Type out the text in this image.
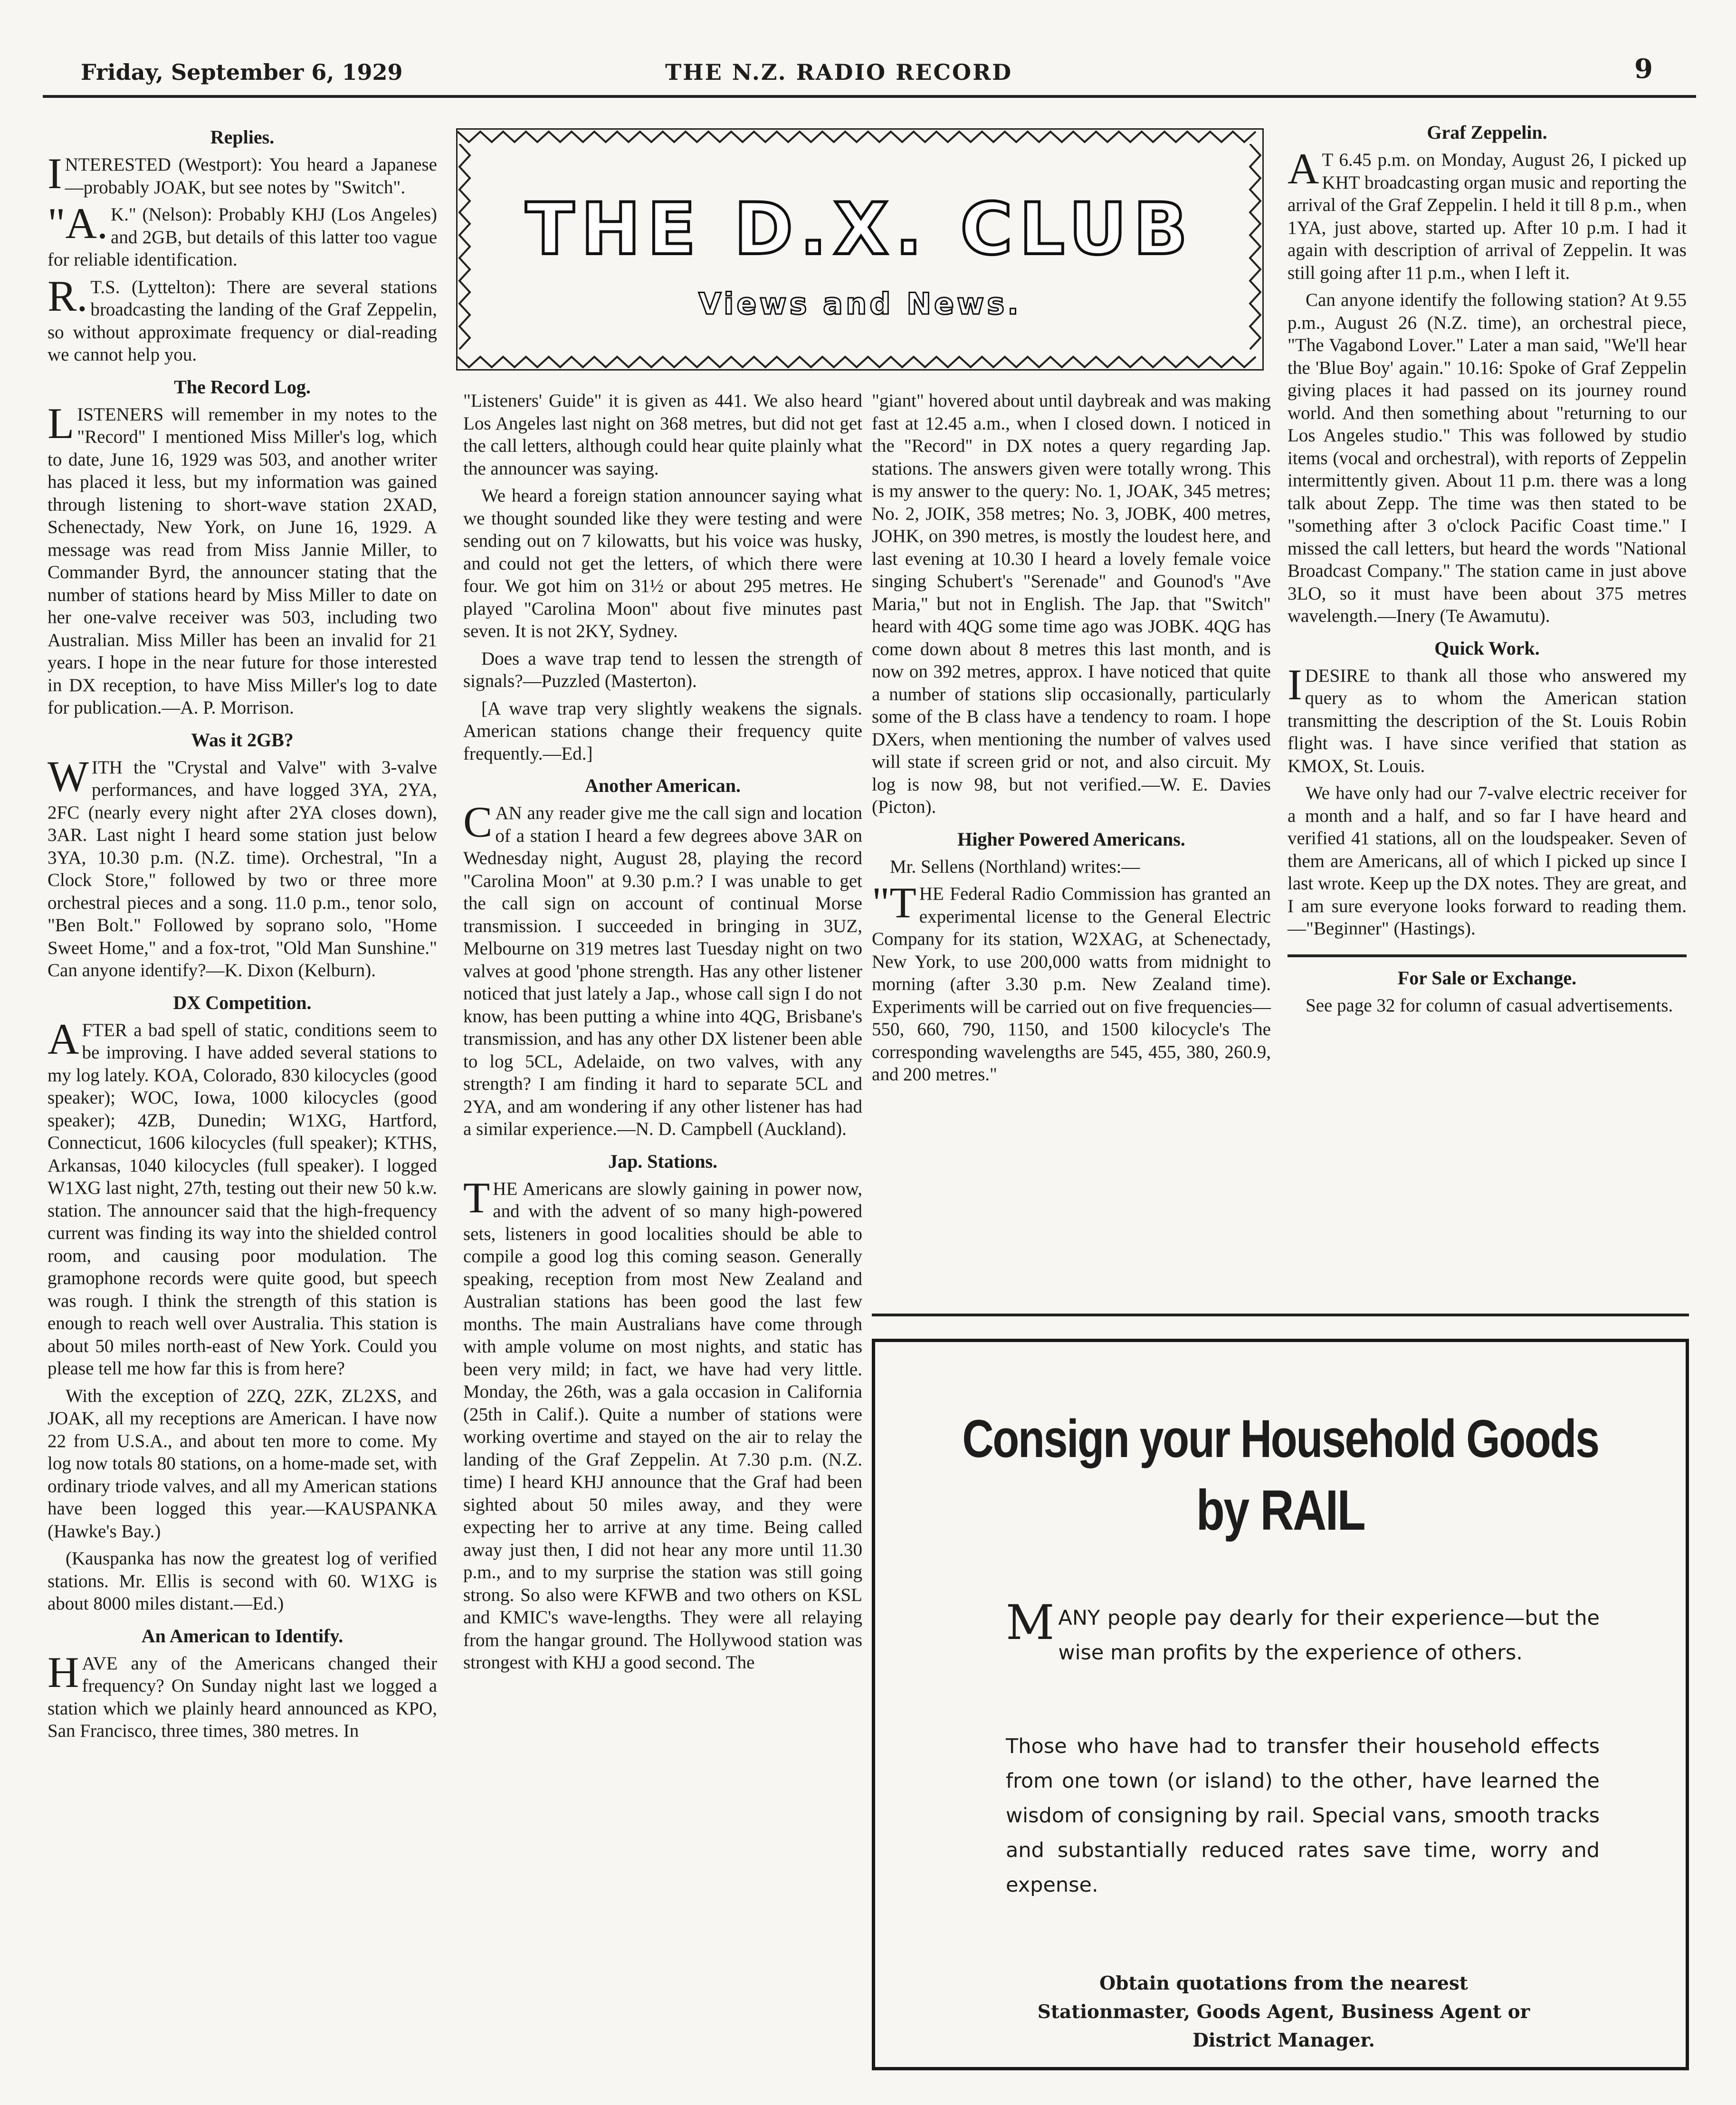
Friday, September 6, 1929	THE N.Z. RADIO RECORD	9
THE D.X. CLUB
Views and News.
Replies.

INTERESTED (Westport): You heard a Japanese—probably JOAK, but see notes by "Switch".

"A. K." (Nelson): Probably KHJ (Los Angeles) and 2GB, but details of this latter too vague for reliable identification.

R. T.S. (Lyttelton): There are several stations broadcasting the landing of the Graf Zeppelin, so without approximate frequency or dial-reading we cannot help you.

The Record Log.

LISTENERS will remember in my notes to the "Record" I mentioned Miss Miller's log, which to date, June 16, 1929 was 503, and another writer has placed it less, but my information was gained through listening to short-wave station 2XAD, Schenectady, New York, on June 16, 1929. A message was read from Miss Jannie Miller, to Commander Byrd, the announcer stating that the number of stations heard by Miss Miller to date on her one-valve receiver was 503, including two Australian. Miss Miller has been an invalid for 21 years. I hope in the near future for those interested in DX reception, to have Miss Miller's log to date for publication.—A. P. Morrison.

Was it 2GB?

WITH the "Crystal and Valve" with 3-valve performances, and have logged 3YA, 2YA, 2FC (nearly every night after 2YA closes down), 3AR. Last night I heard some station just below 3YA, 10.30 p.m. (N.Z. time). Orchestral, "In a Clock Store," followed by two or three more orchestral pieces and a song. 11.0 p.m., tenor solo, "Ben Bolt." Followed by soprano solo, "Home Sweet Home," and a fox-trot, "Old Man Sunshine." Can anyone identify?—K. Dixon (Kelburn).

DX Competition.

AFTER a bad spell of static, conditions seem to be improving. I have added several stations to my log lately. KOA, Colorado, 830 kilocycles (good speaker); WOC, Iowa, 1000 kilocycles (good speaker); 4ZB, Dunedin; W1XG, Hartford, Connecticut, 1606 kilocycles (full speaker); KTHS, Arkansas, 1040 kilocycles (full speaker). I logged W1XG last night, 27th, testing out their new 50 k.w. station. The announcer said that the high-frequency current was finding its way into the shielded control room, and causing poor modulation. The gramophone records were quite good, but speech was rough. I think the strength of this station is enough to reach well over Australia. This station is about 50 miles north-east of New York. Could you please tell me how far this is from here?

With the exception of 2ZQ, 2ZK, ZL2XS, and JOAK, all my receptions are American. I have now 22 from U.S.A., and about ten more to come. My log now totals 80 stations, on a home-made set, with ordinary triode valves, and all my American stations have been logged this year.—KAUSPANKA (Hawke's Bay.)

(Kauspanka has now the greatest log of verified stations. Mr. Ellis is second with 60. W1XG is about 8000 miles distant.—Ed.)

An American to Identify.

HAVE any of the Americans changed their frequency? On Sunday night last we logged a station which we plainly heard announced as KPO, San Francisco, three times, 380 metres. In

"Listeners' Guide" it is given as 441. We also heard Los Angeles last night on 368 metres, but did not get the call letters, although could hear quite plainly what the announcer was saying.

We heard a foreign station announcer saying what we thought sounded like they were testing and were sending out on 7 kilowatts, but his voice was husky, and could not get the letters, of which there were four. We got him on 31½ or about 295 metres. He played "Carolina Moon" about five minutes past seven. It is not 2KY, Sydney.

Does a wave trap tend to lessen the strength of signals?—Puzzled (Masterton).

[A wave trap very slightly weakens the signals. American stations change their frequency quite frequently.—Ed.]

Another American.

CAN any reader give me the call sign and location of a station I heard a few degrees above 3AR on Wednesday night, August 28, playing the record "Carolina Moon" at 9.30 p.m.? I was unable to get the call sign on account of continual Morse transmission. I succeeded in bringing in 3UZ, Melbourne on 319 metres last Tuesday night on two valves at good 'phone strength. Has any other listener noticed that just lately a Jap., whose call sign I do not know, has been putting a whine into 4QG, Brisbane's transmission, and has any other DX listener been able to log 5CL, Adelaide, on two valves, with any strength? I am finding it hard to separate 5CL and 2YA, and am wondering if any other listener has had a similar experience.—N. D. Campbell (Auckland).

Jap. Stations.

THE Americans are slowly gaining in power now, and with the advent of so many high-powered sets, listeners in good localities should be able to compile a good log this coming season. Generally speaking, reception from most New Zealand and Australian stations has been good the last few months. The main Australians have come through with ample volume on most nights, and static has been very mild; in fact, we have had very little. Monday, the 26th, was a gala occasion in California (25th in Calif.). Quite a number of stations were working overtime and stayed on the air to relay the landing of the Graf Zeppelin. At 7.30 p.m. (N.Z. time) I heard KHJ announce that the Graf had been sighted about 50 miles away, and they were expecting her to arrive at any time. Being called away just then, I did not hear any more until 11.30 p.m., and to my surprise the station was still going strong. So also were KFWB and two others on KSL and KMIC's wave-lengths. They were all relaying from the hangar ground. The Hollywood station was strongest with KHJ a good second. The

"giant" hovered about until daybreak and was making fast at 12.45 a.m., when I closed down. I noticed in the "Record" in DX notes a query regarding Jap. stations. The answers given were totally wrong. This is my answer to the query: No. 1, JOAK, 345 metres; No. 2, JOIK, 358 metres; No. 3, JOBK, 400 metres, JOHK, on 390 metres, is mostly the loudest here, and last evening at 10.30 I heard a lovely female voice singing Schubert's "Serenade" and Gounod's "Ave Maria," but not in English. The Jap. that "Switch" heard with 4QG some time ago was JOBK. 4QG has come down about 8 metres this last month, and is now on 392 metres, approx. I have noticed that quite a number of stations slip occasionally, particularly some of the B class have a tendency to roam. I hope DXers, when mentioning the number of valves used will state if screen grid or not, and also circuit. My log is now 98, but not verified.—W. E. Davies (Picton).

Higher Powered Americans.

Mr. Sellens (Northland) writes:—

"THE Federal Radio Commission has granted an experimental license to the General Electric Company for its station, W2XAG, at Schenectady, New York, to use 200,000 watts from midnight to morning (after 3.30 p.m. New Zealand time). Experiments will be carried out on five frequencies—550, 660, 790, 1150, and 1500 kilocycle's The corresponding wavelengths are 545, 455, 380, 260.9, and 200 metres."

Graf Zeppelin.

A T 6.45 p.m. on Monday, August 26, I picked up KHT broadcasting organ music and reporting the arrival of the Graf Zeppelin. I held it till 8 p.m., when 1YA, just above, started up. After 10 p.m. I had it again with description of arrival of Zeppelin. It was still going after 11 p.m., when I left it.

Can anyone identify the following station? At 9.55 p.m., August 26 (N.Z. time), an orchestral piece, "The Vagabond Lover." Later a man said, "We'll hear the 'Blue Boy' again." 10.16: Spoke of Graf Zeppelin giving places it had passed on its journey round world. And then something about "returning to our Los Angeles studio." This was followed by studio items (vocal and orchestral), with reports of Zeppelin intermittently given. About 11 p.m. there was a long talk about Zepp. The time was then stated to be "something after 3 o'clock Pacific Coast time." I missed the call letters, but heard the words "National Broadcast Company." The station came in just above 3LO, so it must have been about 375 metres wavelength.—Inery (Te Awamutu).

Quick Work.

IDESIRE to thank all those who answered my query as to whom the American station transmitting the description of the St. Louis Robin flight was. I have since verified that station as KMOX, St. Louis.

We have only had our 7-valve electric receiver for a month and a half, and so far I have heard and verified 41 stations, all on the loudspeaker. Seven of them are Americans, all of which I picked up since I last wrote. Keep up the DX notes. They are great, and I am sure everyone looks forward to reading them.—"Beginner" (Hastings).

For Sale or Exchange.

See page 32 for column of casual advertisements.

Consign your Household Goods
by RAIL
MANY people pay dearly for their experience—but the wise man profits by the experience of others.
Those who have had to transfer their household effects from one town (or island) to the other, have learned the wisdom of consigning by rail. Special vans, smooth tracks and substantially reduced rates save time, worry and expense.
Obtain quotations from the nearest Stationmaster, Goods Agent, Business Agent or District Manager.
